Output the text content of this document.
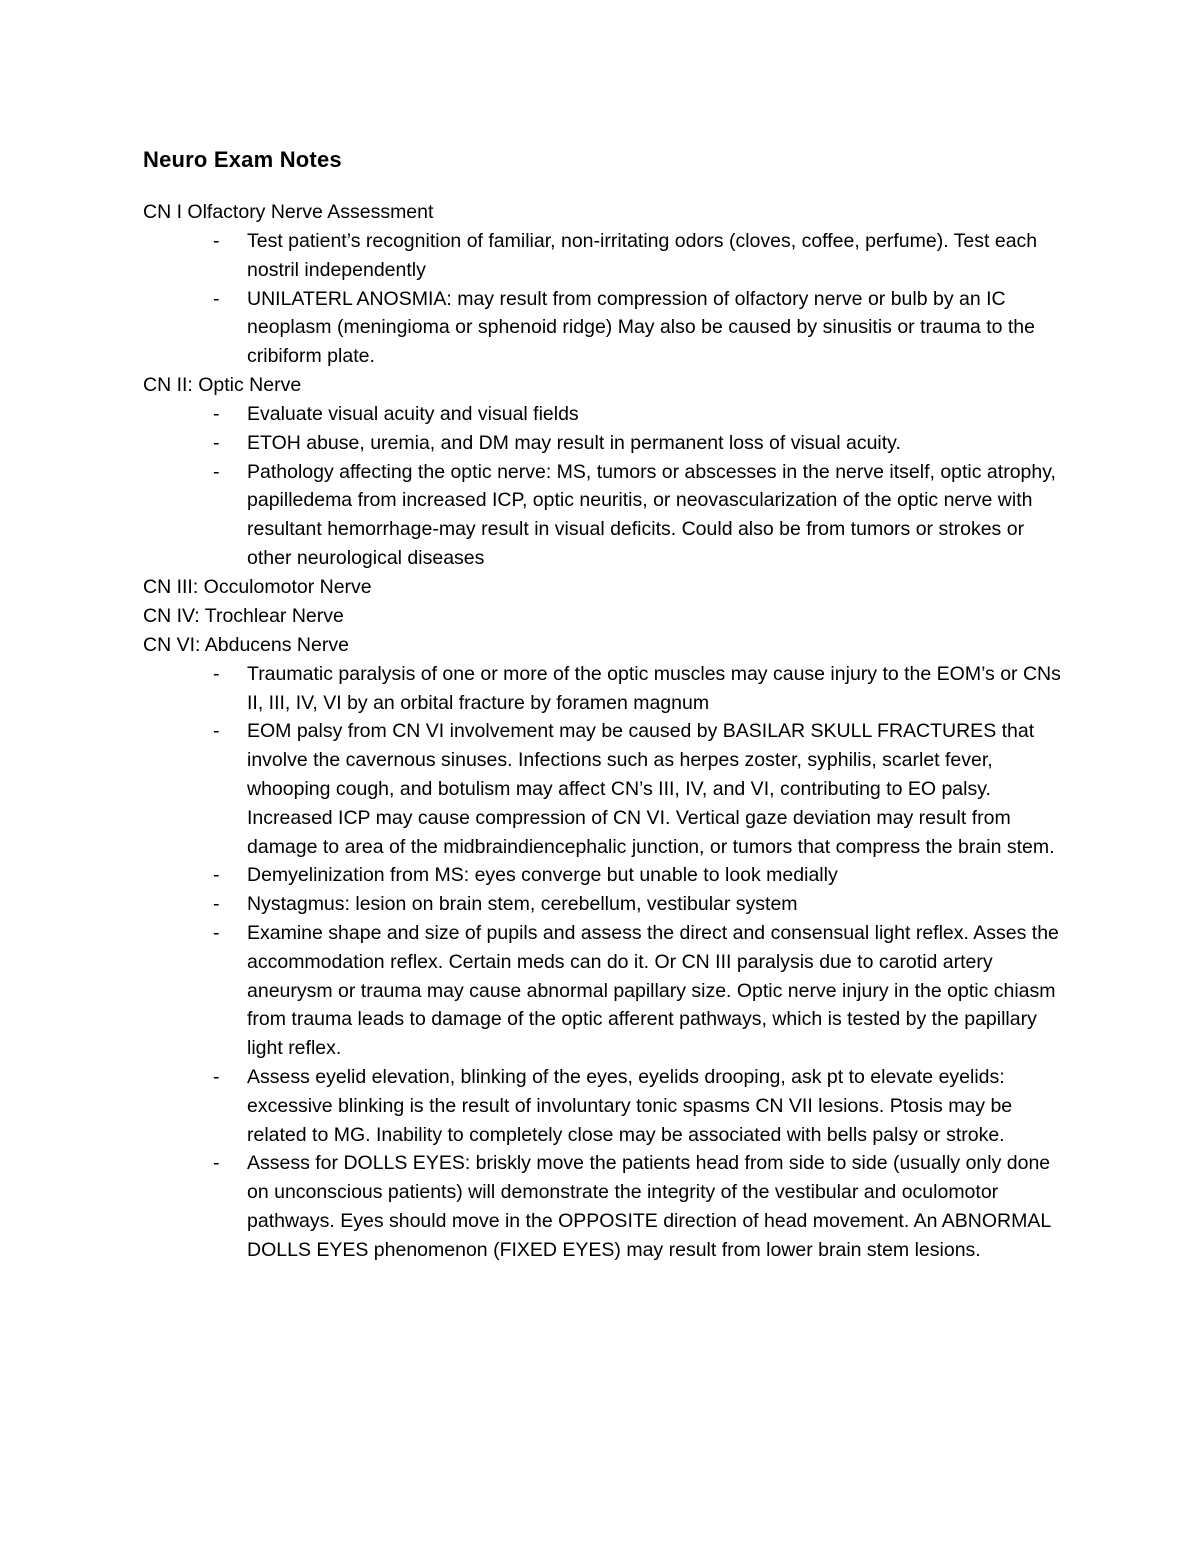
Neuro Exam Notes
CN I Olfactory Nerve Assessment
-	Test patient’s recognition of familiar, non-irritating odors (cloves, coffee, perfume). Test each nostril independently
-	UNILATERL ANOSMIA: may result from compression of olfactory nerve or bulb by an IC neoplasm (meningioma or sphenoid ridge) May also be caused by sinusitis or trauma to the cribiform plate.
CN II: Optic Nerve
-	Evaluate visual acuity and visual fields
-	ETOH abuse, uremia, and DM may result in permanent loss of visual acuity.
-	Pathology affecting the optic nerve: MS, tumors or abscesses in the nerve itself, optic atrophy, papilledema from increased ICP, optic neuritis, or neovascularization of the optic nerve with resultant hemorrhage-may result in visual deficits. Could also be from tumors or strokes or other neurological diseases
CN III: Occulomotor Nerve
CN IV: Trochlear Nerve
CN VI: Abducens Nerve
-	Traumatic paralysis of one or more of the optic muscles may cause injury to the EOM’s or CNs II, III, IV, VI by an orbital fracture by foramen magnum
-	EOM palsy from CN VI involvement may be caused by BASILAR SKULL FRACTURES that involve the cavernous sinuses. Infections such as herpes zoster, syphilis, scarlet fever, whooping cough, and botulism may affect CN’s III, IV, and VI, contributing to EO palsy. Increased ICP may cause compression of CN VI. Vertical gaze deviation may result from damage to area of the midbraindiencephalic junction, or tumors that compress the brain stem.
-	Demyelinization from MS: eyes converge but unable to look medially
-	Nystagmus: lesion on brain stem, cerebellum, vestibular system
-	Examine shape and size of pupils and assess the direct and consensual light reflex. Asses the accommodation reflex. Certain meds can do it. Or CN III paralysis due to carotid artery aneurysm or trauma may cause abnormal papillary size. Optic nerve injury in the optic chiasm from trauma leads to damage of the optic afferent pathways, which is tested by the papillary light reflex.
-	Assess eyelid elevation, blinking of the eyes, eyelids drooping, ask pt to elevate eyelids: excessive blinking is the result of involuntary tonic spasms CN VII lesions. Ptosis may be related to MG. Inability to completely close may be associated with bells palsy or stroke.
-	Assess for DOLLS EYES: briskly move the patients head from side to side (usually only done on unconscious patients) will demonstrate the integrity of the vestibular and oculomotor pathways. Eyes should move in the OPPOSITE direction of head movement. An ABNORMAL DOLLS EYES phenomenon (FIXED EYES) may result from lower brain stem lesions.
